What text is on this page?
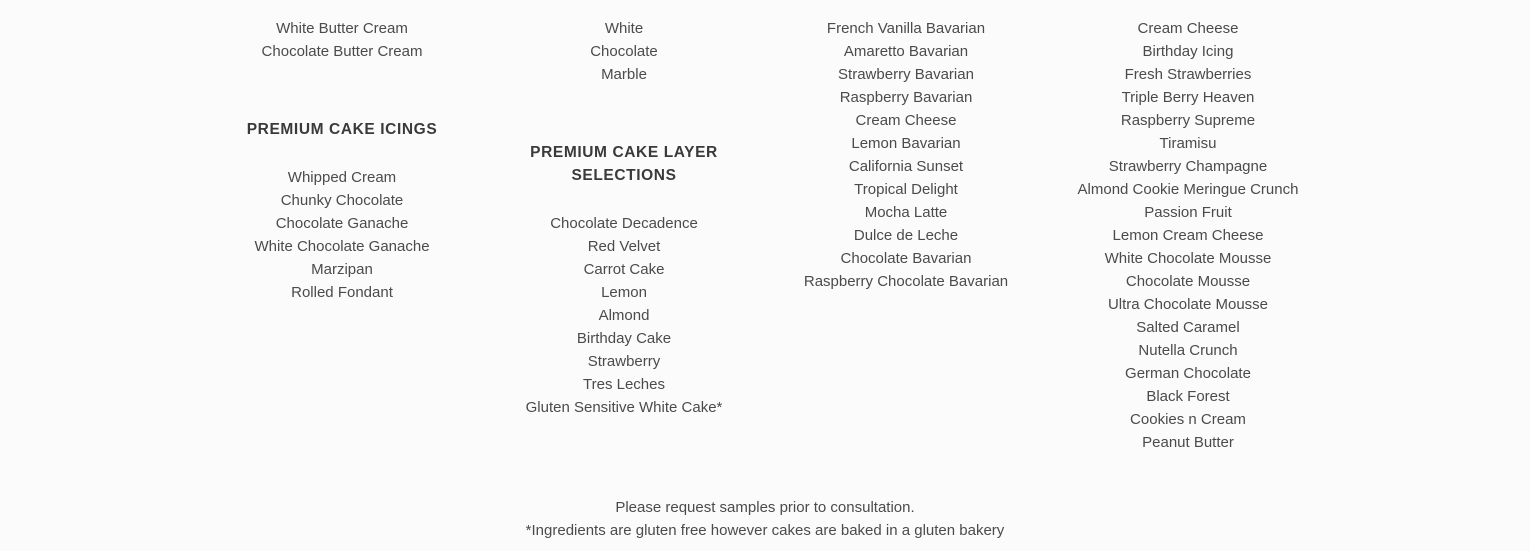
White Butter Cream
Chocolate Butter Cream
PREMIUM CAKE ICINGS
Whipped Cream
Chunky Chocolate
Chocolate Ganache
White Chocolate Ganache
Marzipan
Rolled Fondant
White
Chocolate
Marble
PREMIUM CAKE LAYER SELECTIONS
Chocolate Decadence
Red Velvet
Carrot Cake
Lemon
Almond
Birthday Cake
Strawberry
Tres Leches
Gluten Sensitive White Cake*
French Vanilla Bavarian
Amaretto Bavarian
Strawberry Bavarian
Raspberry Bavarian
Cream Cheese
Lemon Bavarian
California Sunset
Tropical Delight
Mocha Latte
Dulce de Leche
Chocolate Bavarian
Raspberry Chocolate Bavarian
Cream Cheese
Birthday Icing
Fresh Strawberries
Triple Berry Heaven
Raspberry Supreme
Tiramisu
Strawberry Champagne
Almond Cookie Meringue Crunch
Passion Fruit
Lemon Cream Cheese
White Chocolate Mousse
Chocolate Mousse
Ultra Chocolate Mousse
Salted Caramel
Nutella Crunch
German Chocolate
Black Forest
Cookies n Cream
Peanut Butter

Please request samples prior to consultation.

*Ingredients are gluten free however cakes are baked in a gluten bakery
